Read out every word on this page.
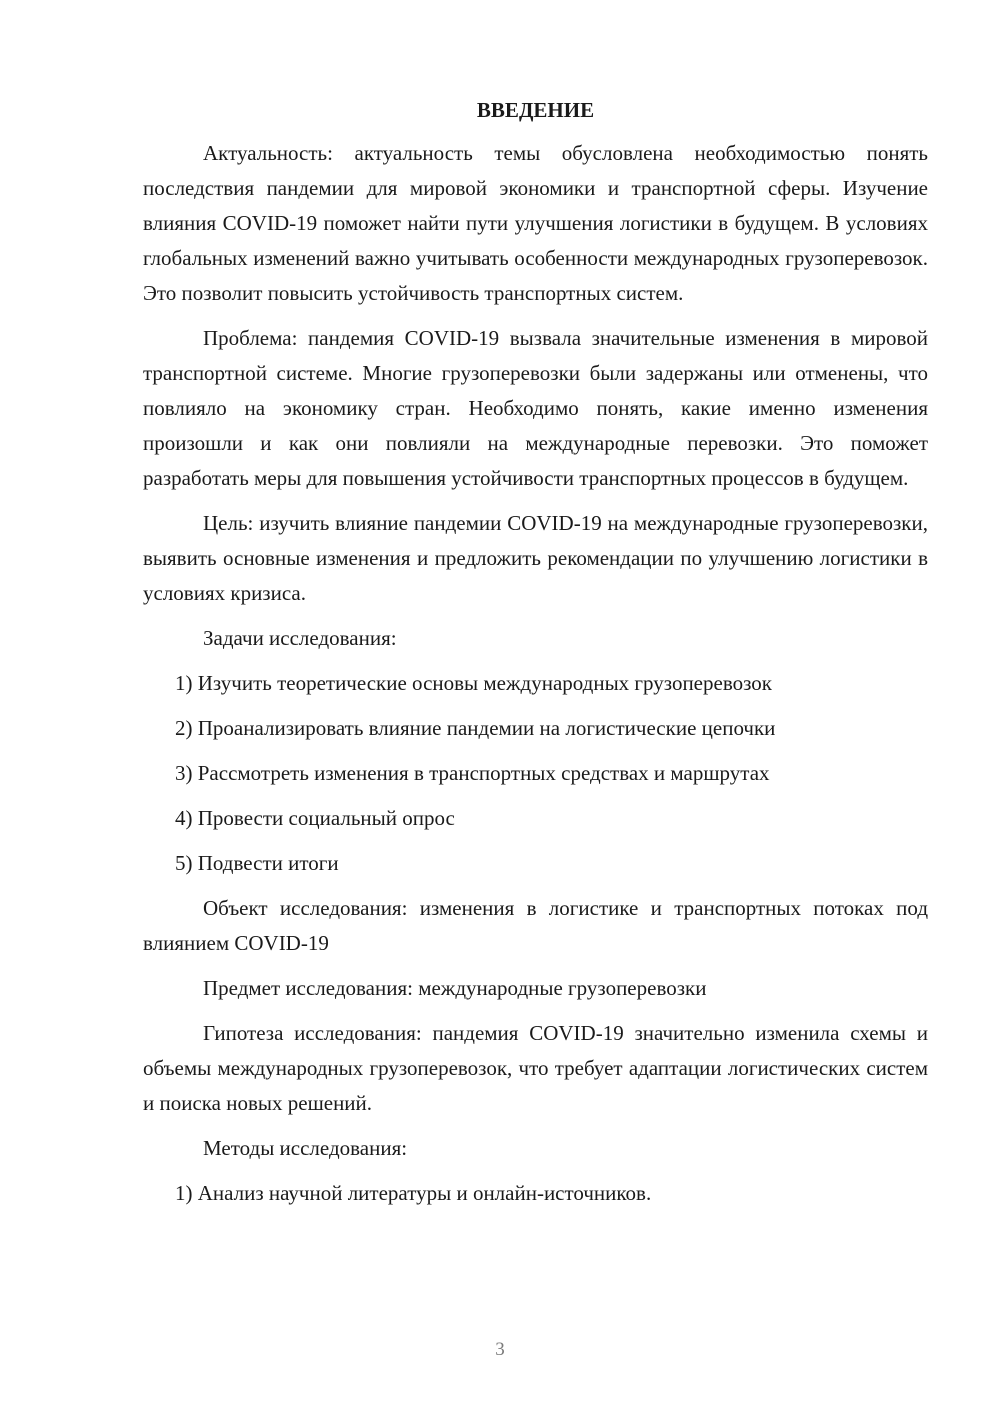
ВВЕДЕНИЕ

Актуальность: актуальность темы обусловлена необходимостью понять последствия пандемии для мировой экономики и транспортной сферы. Изучение влияния COVID-19 поможет найти пути улучшения логистики в будущем. В условиях глобальных изменений важно учитывать особенности международных грузоперевозок. Это позволит повысить устойчивость транспортных систем.

Проблема: пандемия COVID-19 вызвала значительные изменения в мировой транспортной системе. Многие грузоперевозки были задержаны или отменены, что повлияло на экономику стран. Необходимо понять, какие именно изменения произошли и как они повлияли на международные перевозки. Это поможет разработать меры для повышения устойчивости транспортных процессов в будущем.

Цель: изучить влияние пандемии COVID-19 на международные грузоперевозки, выявить основные изменения и предложить рекомендации по улучшению логистики в условиях кризиса.

Задачи исследования:

1) Изучить теоретические основы международных грузоперевозок

2) Проанализировать влияние пандемии на логистические цепочки

3) Рассмотреть изменения в транспортных средствах и маршрутах

4) Провести социальный опрос

5) Подвести итоги

Объект исследования: изменения в логистике и транспортных потоках под влиянием COVID-19

Предмет исследования: международные грузоперевозки

Гипотеза исследования: пандемия COVID-19 значительно изменила схемы и объемы международных грузоперевозок, что требует адаптации логистических систем и поиска новых решений.

Методы исследования:

1) Анализ научной литературы и онлайн-источников.

3
